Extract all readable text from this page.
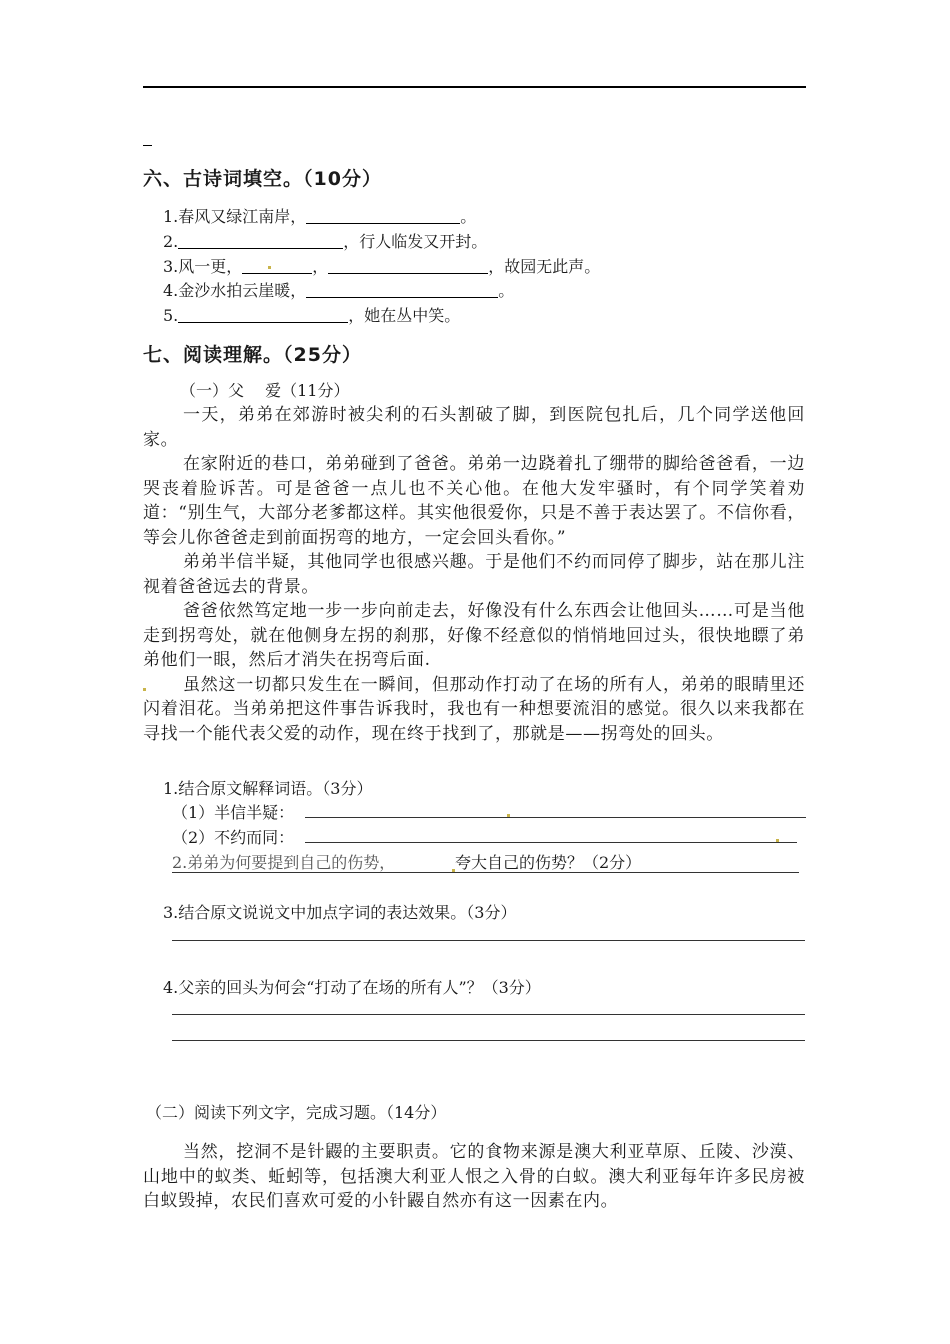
六、古诗词填空。（10分）
1.春风又绿江南岸，	。
2.	，行人临发又开封。
3.风一更，	，	，故园无此声。
4.金沙水拍云崖暖，	。
5.	，她在丛中笑。
七、阅读理解。（25分）
（一）父　 爱（11分）

一天，弟弟在郊游时被尖利的石头割破了脚，到医院包扎后，几个同学送他回家。

在家附近的巷口，弟弟碰到了爸爸。弟弟一边跷着扎了绷带的脚给爸爸看，一边哭丧着脸诉苦。可是爸爸一点儿也不关心他。在他大发牢骚时，有个同学笑着劝道：“别生气，大部分老爹都这样。其实他很爱你，只是不善于表达罢了。不信你看，等会儿你爸爸走到前面拐弯的地方，一定会回头看你。”

弟弟半信半疑，其他同学也很感兴趣。于是他们不约而同停了脚步，站在那儿注视着爸爸远去的背景。

爸爸依然笃定地一步一步向前走去，好像没有什么东西会让他回头……可是当他走到拐弯处，就在他侧身左拐的刹那，好像不经意似的悄悄地回过头，很快地瞟了弟弟他们一眼，然后才消失在拐弯后面.

虽然这一切都只发生在一瞬间，但那动作打动了在场的所有人，弟弟的眼睛里还闪着泪花。当弟弟把这件事告诉我时，我也有一种想要流泪的感觉。很久以来我都在寻找一个能代表父爱的动作，现在终于找到了，那就是——拐弯处的回头。

1.结合原文解释词语。（3分）
（1）半信半疑：
（2）不约而同：
2.弟弟为何要提到自己的伤势，	夸大自己的伤势？（2分）
3.结合原文说说文中加点字词的表达效果。（3分）
4.父亲的回头为何会“打动了在场的所有人”？（3分）
（二）阅读下列文字，完成习题。（14分）

当然，挖洞不是针鼹的主要职责。它的食物来源是澳大利亚草原、丘陵、沙漠、山地中的蚁类、蚯蚓等，包括澳大利亚人恨之入骨的白蚁。澳大利亚每年许多民房被白蚁毁掉，农民们喜欢可爱的小针鼹自然亦有这一因素在内。
